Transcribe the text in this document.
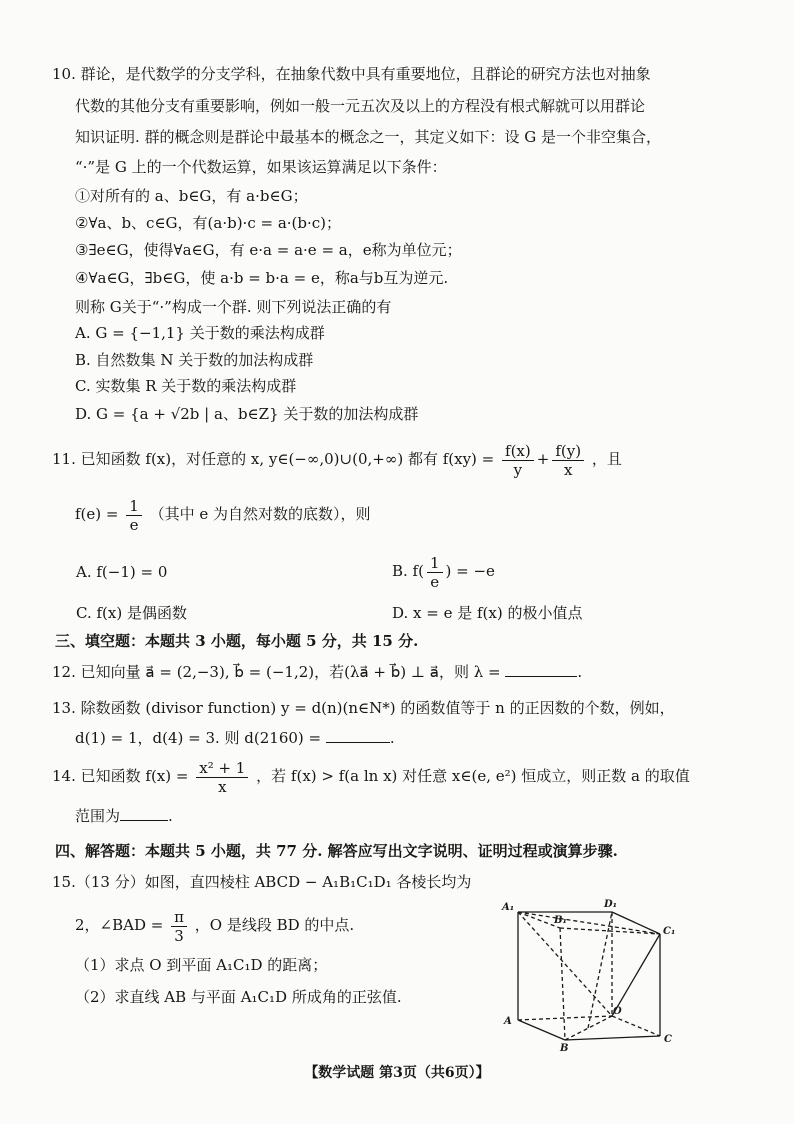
10. 群论，是代数学的分支学科，在抽象代数中具有重要地位，且群论的研究方法也对抽象
代数的其他分支有重要影响，例如一般一元五次及以上的方程没有根式解就可以用群论
知识证明. 群的概念则是群论中最基本的概念之一，其定义如下：设 G 是一个非空集合，
“·”是 G 上的一个代数运算，如果该运算满足以下条件：
①对所有的 a、b∈G，有 a·b∈G；
②∀a、b、c∈G，有(a·b)·c = a·(b·c)；
③∃e∈G，使得∀a∈G，有 e·a = a·e = a，e称为单位元；
④∀a∈G，∃b∈G，使 a·b = b·a = e，称a与b互为逆元.
则称 G关于“·”构成一个群. 则下列说法正确的有
A. G = {−1,1} 关于数的乘法构成群
B. 自然数集 N 关于数的加法构成群
C. 实数集 R 关于数的乘法构成群
D. G = {a + √2b | a、b∈Z} 关于数的加法构成群
11. 已知函数 f(x)，对任意的 x, y∈(−∞,0)∪(0,+∞) 都有 $f(xy) = \frac{f(x)}{y} + \frac{f(y)}{x}$ ，且
$f(e) = \frac{1}{e}$ （其中 e 为自然对数的底数），则
A. f(−1) = 0	B. $f( \frac{1}{e}$ ) = −e
C. f(x) 是偶函数	D. x = e 是 f(x) 的极小值点
三、填空题：本题共 3 小题，每小题 5 分，共 15 分.
12. 已知向量 a⃗ = (2,−3), b⃗ = (−1,2)，若(λa⃗ + b⃗) ⊥ a⃗，则 λ =	.
13. 除数函数 (divisor function) y = d(n)(n∈N*) 的函数值等于 n 的正因数的个数，例如，
d(1) = 1，d(4) = 3. 则 d(2160) =	.
14. 已知函数 $f(x) = \frac{\text{x² + 1}}{x}$ ，若 f(x) > f(a ln x) 对任意 x∈(e, e²) 恒成立，则正数 a 的取值
范围为	.
四、解答题：本题共 5 小题，共 77 分. 解答应写出文字说明、证明过程或演算步骤.
15.（13 分）如图，直四棱柱 ABCD − A₁B₁C₁D₁ 各棱长均为
2，∠BAD = $\frac{\pi}{3}$ ，O 是线段 BD 的中点.
（1）求点 O 到平面 A₁C₁D 的距离；
（2）求直线 AB 与平面 A₁C₁D 所成角的正弦值.
A₁
B₁
D₁
C₁
A
B
C
O
【数学试题 第3页（共6页）】
